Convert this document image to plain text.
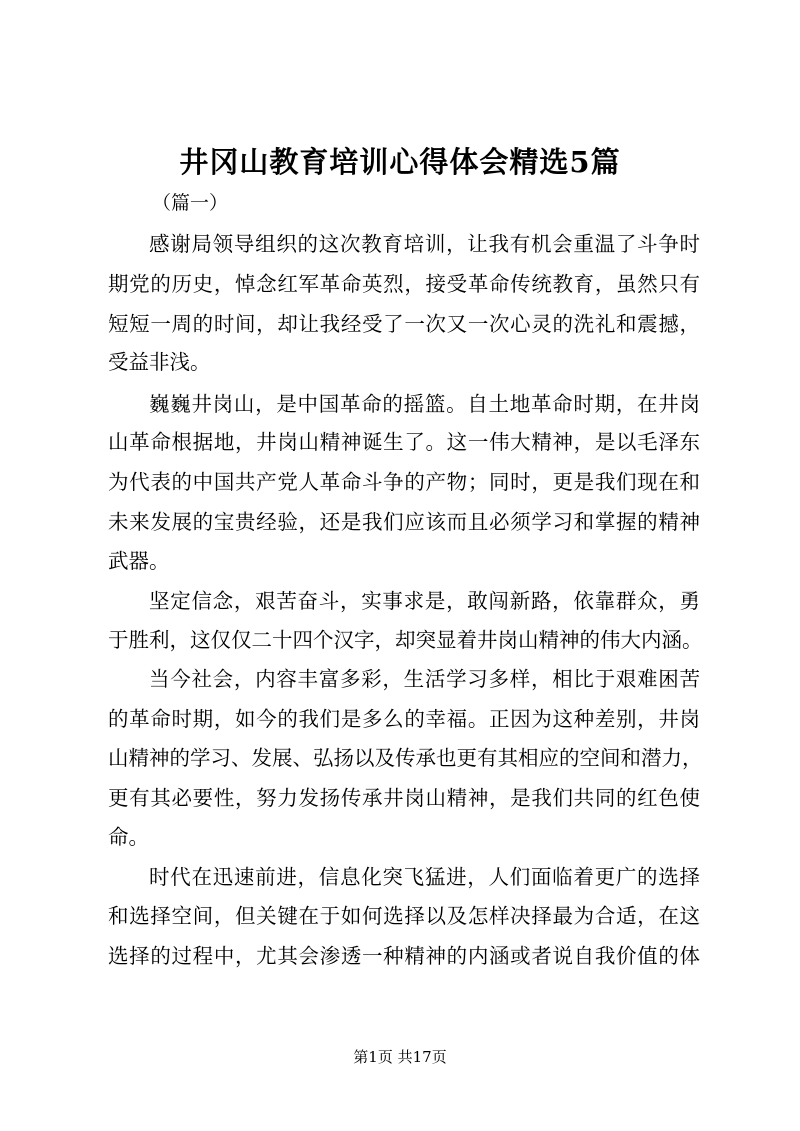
井冈山教育培训心得体会精选5篇
（篇一）
感谢局领导组织的这次教育培训，让我有机会重温了斗争时
期党的历史，悼念红军革命英烈，接受革命传统教育，虽然只有
短短一周的时间，却让我经受了一次又一次心灵的洗礼和震撼，
受益非浅。
巍巍井岗山，是中国革命的摇篮。自土地革命时期，在井岗
山革命根据地，井岗山精神诞生了。这一伟大精神，是以毛泽东
为代表的中国共产党人革命斗争的产物；同时，更是我们现在和
未来发展的宝贵经验，还是我们应该而且必须学习和掌握的精神
武器。
坚定信念，艰苦奋斗，实事求是，敢闯新路，依靠群众，勇
于胜利，这仅仅二十四个汉字，却突显着井岗山精神的伟大内涵。
当今社会，内容丰富多彩，生活学习多样，相比于艰难困苦
的革命时期，如今的我们是多么的幸福。正因为这种差别，井岗
山精神的学习、发展、弘扬以及传承也更有其相应的空间和潜力，
更有其必要性，努力发扬传承井岗山精神，是我们共同的红色使
命。
时代在迅速前进，信息化突飞猛进，人们面临着更广的选择
和选择空间，但关键在于如何选择以及怎样决择最为合适，在这
选择的过程中，尤其会渗透一种精神的内涵或者说自我价值的体
第1页 共17页
